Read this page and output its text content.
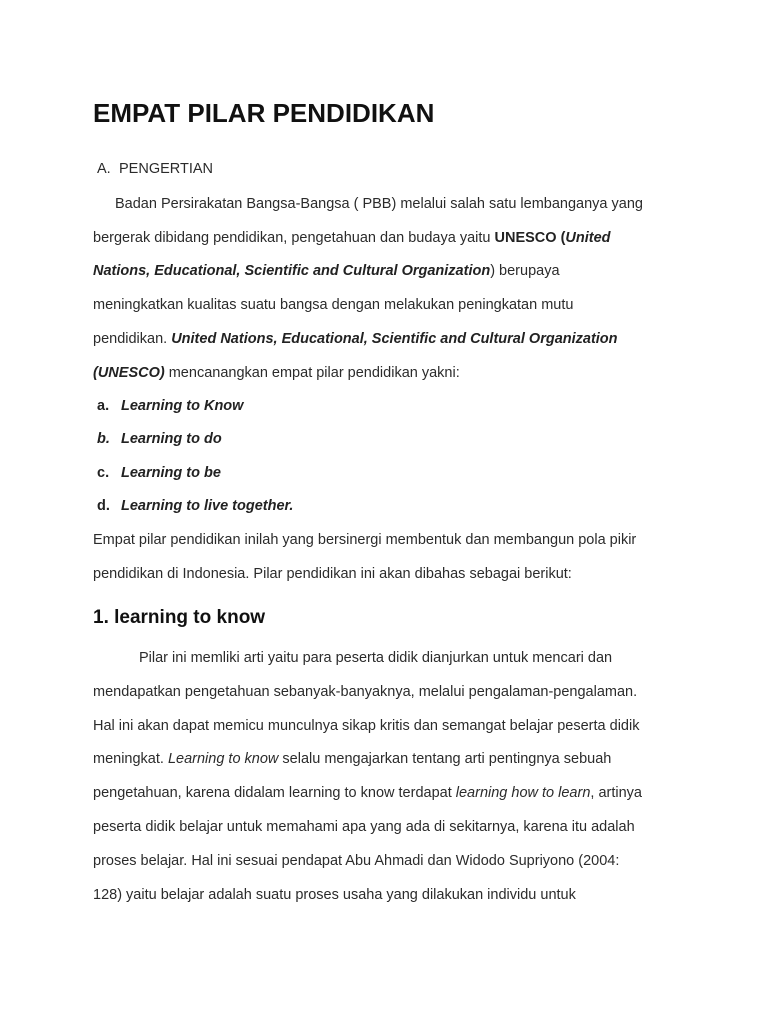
EMPAT PILAR PENDIDIKAN
A. PENGERTIAN
Badan Persirakatan Bangsa-Bangsa ( PBB) melalui salah satu lembanganya yang
bergerak dibidang pendidikan, pengetahuan dan budaya yaitu UNESCO (United
Nations, Educational, Scientific and Cultural Organization) berupaya
meningkatkan kualitas suatu bangsa dengan melakukan peningkatan mutu
pendidikan. United Nations, Educational, Scientific and Cultural Organization
(UNESCO) mencanangkan empat pilar pendidikan yakni:
a. Learning to Know
b. Learning to do
c. Learning to be
d. Learning to live together.
Empat pilar pendidikan inilah yang bersinergi membentuk dan membangun pola pikir
pendidikan di Indonesia. Pilar pendidikan ini akan dibahas sebagai berikut:
1. learning to know
Pilar ini memliki arti yaitu para peserta didik dianjurkan untuk mencari dan
mendapatkan pengetahuan sebanyak-banyaknya, melalui pengalaman-pengalaman.
Hal ini akan dapat memicu munculnya sikap kritis dan semangat belajar peserta didik
meningkat. Learning to know selalu mengajarkan tentang arti pentingnya sebuah
pengetahuan, karena didalam learning to know terdapat learning how to learn, artinya
peserta didik belajar untuk memahami apa yang ada di sekitarnya, karena itu adalah
proses belajar. Hal ini sesuai pendapat Abu Ahmadi dan Widodo Supriyono (2004:
128) yaitu belajar adalah suatu proses usaha yang dilakukan individu untuk
